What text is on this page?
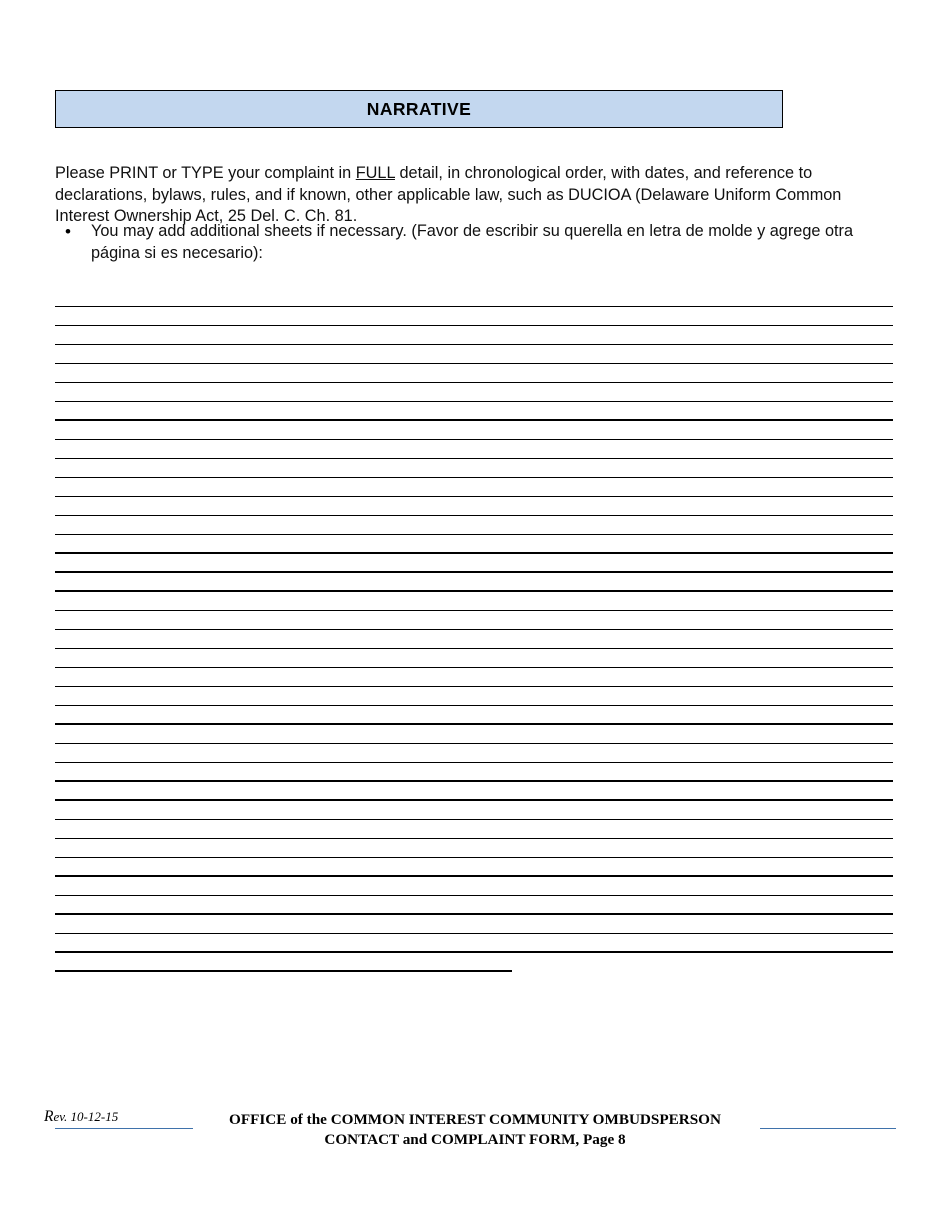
NARRATIVE

Please PRINT or TYPE your complaint in FULL detail, in chronological order, with dates, and reference to declarations, bylaws, rules, and if known, other applicable law, such as DUCIOA (Delaware Uniform Common Interest Ownership Act, 25 Del. C. Ch. 81.

•	You may add additional sheets if necessary. (Favor de escribir su querella en letra de molde y agrege otra página si es necesario):
Rev. 10-12-15	OFFICE of the COMMON INTEREST COMMUNITY OMBUDSPERSON
CONTACT and COMPLAINT FORM, Page 8
